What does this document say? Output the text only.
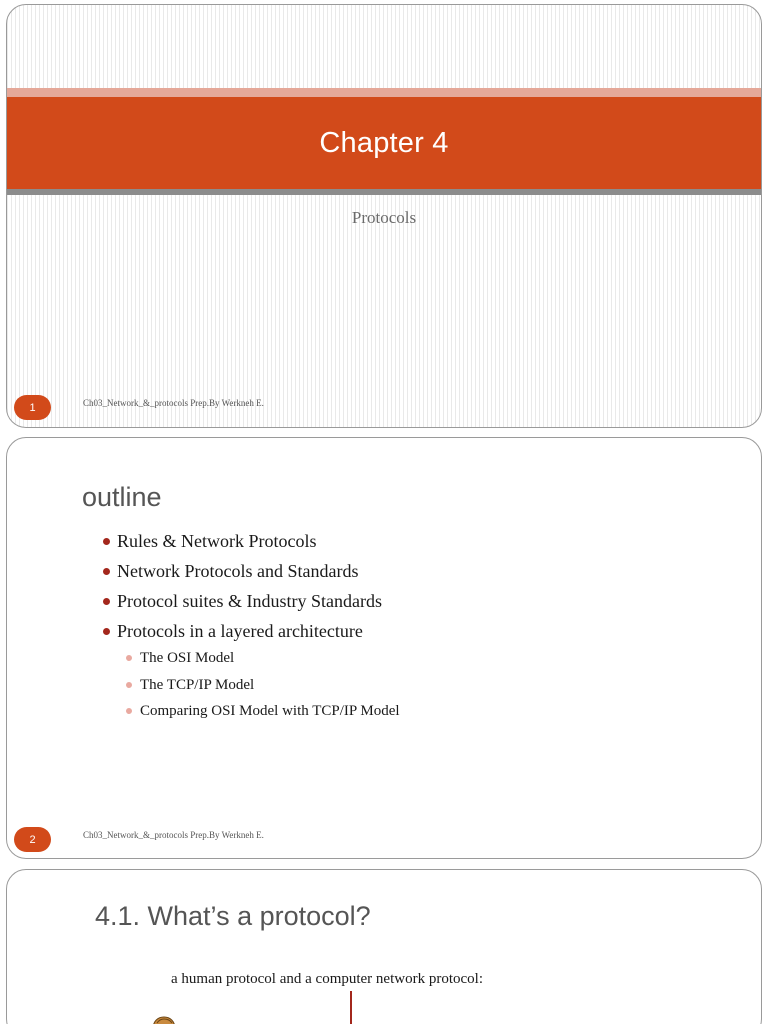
Chapter 4
Protocols
1	Ch03_Network_&_protocols Prep.By Werkneh E.
outline
Rules & Network Protocols
Network Protocols and Standards
Protocol suites & Industry Standards
Protocols in a layered architecture
The OSI Model
The TCP/IP Model
Comparing OSI Model with TCP/IP Model
2	Ch03_Network_&_protocols Prep.By Werkneh E.
4.1. What’s a protocol?
a human protocol and a computer network protocol:
